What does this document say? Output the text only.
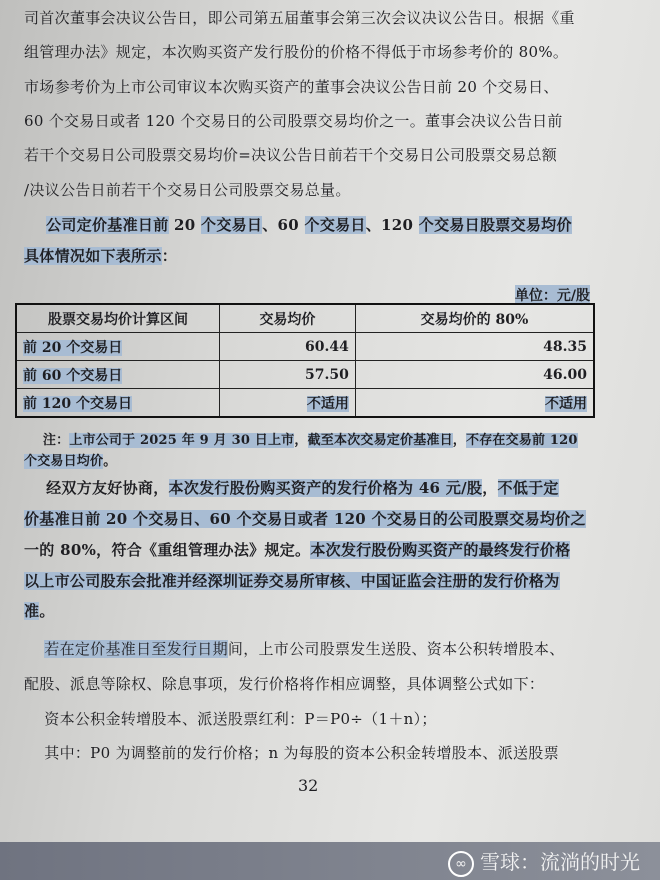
司首次董事会决议公告日，即公司第五届董事会第三次会议决议公告日。根据《重
组管理办法》规定，本次购买资产发行股份的价格不得低于市场参考价的 80%。
市场参考价为上市公司审议本次购买资产的董事会决议公告日前 20 个交易日、
60 个交易日或者 120 个交易日的公司股票交易均价之一。董事会决议公告日前
若干个交易日公司股票交易均价=决议公告日前若干个交易日公司股票交易总额
/决议公告日前若干个交易日公司股票交易总量。
公司定价基准日前 20 个交易日、60 个交易日、120 个交易日股票交易均价
具体情况如下表所示：
注：上市公司于 2025 年 9 月 30 日上市，截至本次交易定价基准日，不存在交易前 120
个交易日均价。
经双方友好协商，本次发行股份购买资产的发行价格为 46 元/股，不低于定
价基准日前 20 个交易日、60 个交易日或者 120 个交易日的公司股票交易均价之
一的 80%，符合《重组管理办法》规定。本次发行股份购买资产的最终发行价格
以上市公司股东会批准并经深圳证券交易所审核、中国证监会注册的发行价格为
准。
若在定价基准日至发行日期间，上市公司股票发生送股、资本公积转增股本、
配股、派息等除权、除息事项，发行价格将作相应调整，具体调整公式如下：
资本公积金转增股本、派送股票红利：P＝P0÷（1＋n）；
其中：P0 为调整前的发行价格；n 为每股的资本公积金转增股本、派送股票
单位：元/股
股票交易均价计算区间	交易均价	交易均价的 80%
前 20 个交易日	60.44	48.35
前 60 个交易日	57.50	46.00
前 120 个交易日	不适用	不适用
32
∞ 雪球：流淌的时光
